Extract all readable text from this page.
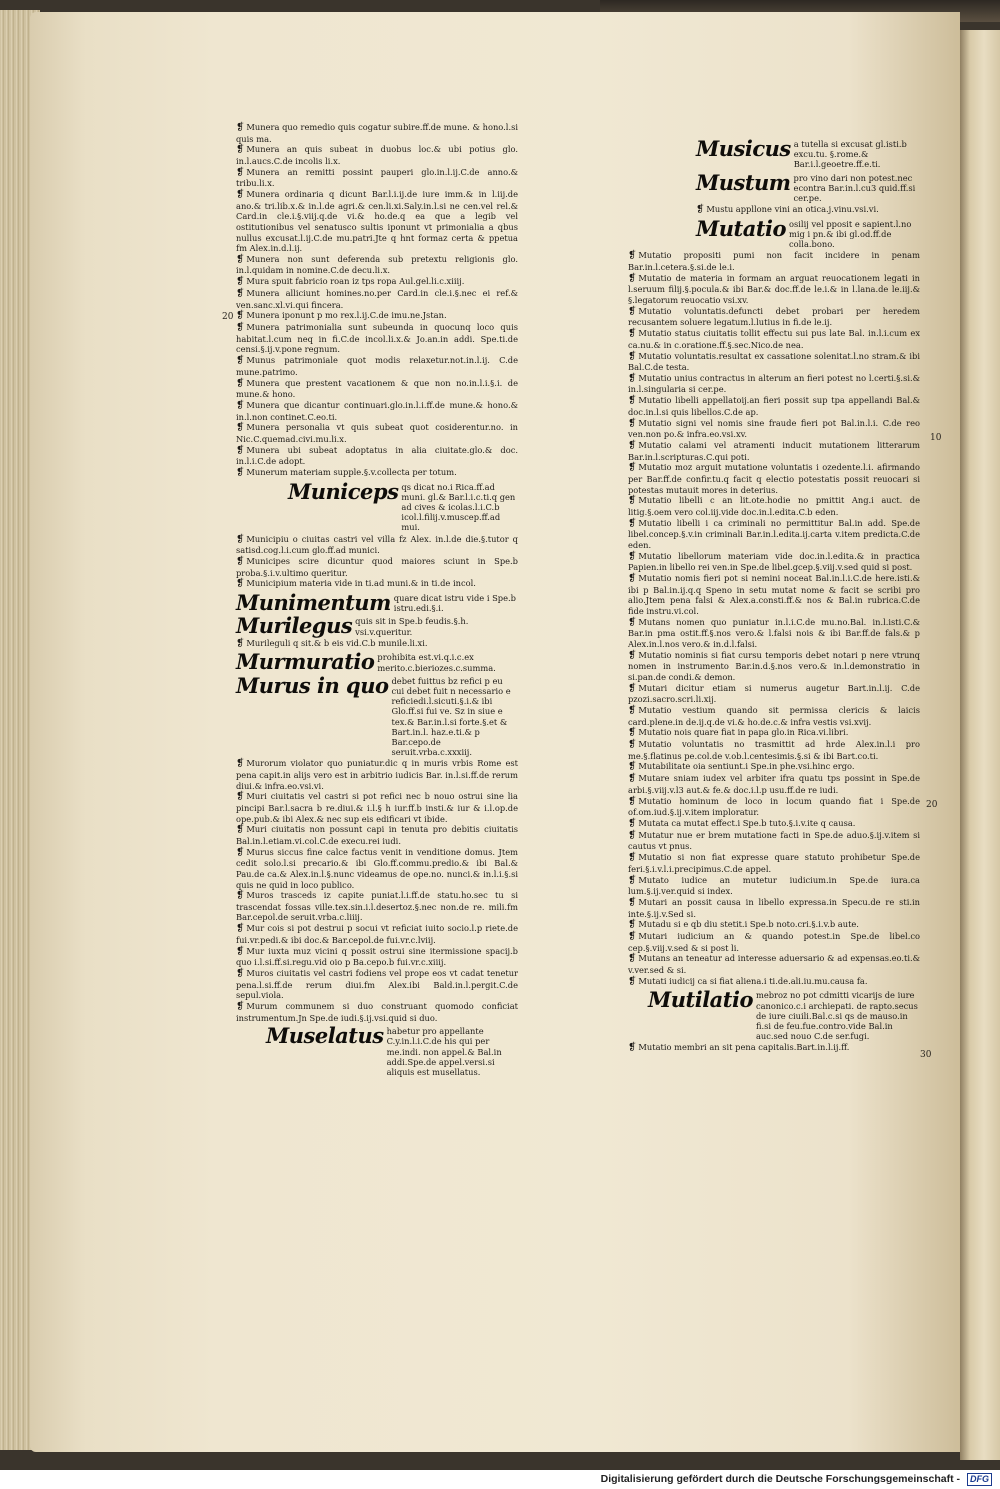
❡ Munera quo remedio quis cogatur subire.ff.de mune. & hono.l.si quis ma.
❡ Munera an quis subeat in duobus loc.& ubi potius glo. in.l.aucs.C.de incolis li.x.
❡ Munera an remitti possint pauperi glo.in.l.ij.C.de anno.& tribu.li.x.
❡ Munera ordinaria q dicunt Bar.l.i.ij.de iure imm.& in l.iij.de ano.& tri.lib.x.& in.l.de agri.& cen.li.xi.Saly.in.l.si ne cen.vel rel.& Card.in cle.i.§.viij.q.de vi.& ho.de.q ea que a legib vel ostitutionibus vel senatusco sultis iponunt vt primonialia a qbus nullus excusat.l.ij.C.de mu.patri.Jte q hnt formaz certa & ppetua fm Alex.in.d.l.ij.
❡ Munera non sunt deferenda sub pretextu religionis glo. in.l.quidam in nomine.C.de decu.li.x.
❡ Mura spuit fabricio roan iz tps ropa Aul.gel.li.c.xiiij.
❡ Munera alliciunt homines.no.per Card.in cle.i.§.nec ei ref.& ven.sanc.xl.vi.qui fincera.
❡ Munera iponunt p mo rex.l.ij.C.de imu.ne.Jstan.
❡ Munera patrimonialia sunt subeunda in quocunq loco quis habitat.l.cum neq in fi.C.de incol.li.x.& Jo.an.in addi. Spe.ti.de censi.§.ij.v.pone regnum.
❡ Munus patrimoniale quot modis relaxetur.not.in.l.ij. C.de mune.patrimo.
❡ Munera que prestent vacationem & que non no.in.l.i.§.i. de mune.& hono.
❡ Munera que dicantur continuari.glo.in.l.i.ff.de mune.& hono.& in.l.non continet.C.eo.ti.
❡ Munera personalia vt quis subeat quot cosiderentur.no. in Nic.C.quemad.civi.mu.li.x.
❡ Munera ubi subeat adoptatus in alia ciuitate.glo.& doc. in.l.i.C.de adopt.
❡ Munerum materiam supple.§.v.collecta per totum.
Municeps qs dicat no.i Rica.ff.ad muni. gl.& Bar.l.i.c.ti.q gen ad cives & icolas.l.i.C.b icol.l.filij.v.muscep.ff.ad mui.
❡ Municipiu o ciuitas castri vel villa fz Alex. in.l.de die.§.tutor q satisd.cog.l.i.cum glo.ff.ad munici.
❡ Municipes scire dicuntur quod maiores sciunt in Spe.b proba.§.i.v.ultimo queritur.
❡ Municipium materia vide in ti.ad muni.& in ti.de incol.
Munimentum quare dicat istru vide i Spe.b istru.edi.§.i.
Murilegus quis sit in Spe.b feudis.§.h. vsi.v.queritur.
❡ Murileguli q sit.& b eis vid.C.b munile.li.xi.
Murmuratio prohibita est.vi.q.i.c.ex merito.c.bieriozes.c.summa.
Murus in quo debet fuittus bz refici p eu cui debet fuit n necessario e reficiedi.l.sicuti.§.i.& ibi Glo.ff.si fui ve. Sz in siue e tex.& Bar.in.l.si forte.§.et & Bart.in.l. haz.e.ti.& p Bar.cepo.de seruit.vrba.c.xxxiij.
❡ Murorum violator quo puniatur.dic q in muris vrbis Rome est pena capit.in alijs vero est in arbitrio iudicis Bar. in.l.si.ff.de rerum diui.& infra.eo.vsi.vi.
❡ Muri ciuitatis vel castri si pot refici nec b nouo ostrui sine lia pincipi Bar.l.sacra b re.diui.& i.l.§ h iur.ff.b insti.& iur & i.l.op.de ope.pub.& ibi Alex.& nec sup eis edificari vt ibide.
❡ Muri ciuitatis non possunt capi in tenuta pro debitis ciuitatis Bal.in.l.etiam.vi.col.C.de execu.rei iudi.
❡ Murus siccus fine calce factus venit in venditione domus. Jtem cedit solo.l.si precario.& ibi Glo.ff.commu.predio.& ibi Bal.& Pau.de ca.& Alex.in.l.§.nunc videamus de ope.no. nunci.& in.l.i.§.si quis ne quid in loco publico.
❡ Muros trasceds iz capite puniat.l.i.ff.de statu.ho.sec tu si trascendat fossas ville.tex.sin.i.l.desertoz.§.nec non.de re. mili.fm Bar.cepol.de seruit.vrba.c.liiij.
❡ Mur cois si pot destrui p socui vt reficiat iuito socio.l.p riete.de fui.vr.pedi.& ibi doc.& Bar.cepol.de fui.vr.c.lviij.
❡ Mur iuxta muz vicini q possit ostrui sine itermissione spacij.b quo i.l.si.ff.si.regu.vid oio p Ba.cepo.b fui.vr.c.xiiij.
❡ Muros ciuitatis vel castri fodiens vel prope eos vt cadat tenetur pena.l.si.ff.de rerum diui.fm Alex.ibi Bald.in.l.pergit.C.de sepul.viola.
❡ Murum communem si duo construant quomodo conficiat instrumentum.Jn Spe.de iudi.§.ij.vsi.quid si duo.
Muselatus habetur pro appellante C.y.in.l.i.C.de his qui per me.indi. non appel.& Bal.in addi.Spe.de appel.versi.si aliquis est musellatus.
20
Musicus a tutella si excusat gl.isti.b excu.tu. §.rome.& Bar.i.l.geoetre.ff.e.ti.
Mustum pro vino dari non potest.nec econtra Bar.in.l.cu3 quid.ff.si cer.pe.
❡ Mustu appllone vini an otica.j.vinu.vsi.vi.
Mutatio osilij vel pposit e sapient.l.no mig i pn.& ibi gl.od.ff.de colla.bono.
❡ Mutatio propositi pumi non facit incidere in penam Bar.in.l.cetera.§.si.de le.i.
❡ Mutatio de materia in formam an arguat reuocationem legati in l.seruum filij.§.pocula.& ibi Bar.& doc.ff.de le.i.& in l.lana.de le.iij.& §.legatorum reuocatio vsi.xv.
❡ Mutatio voluntatis.defuncti debet probari per heredem recusantem soluere legatum.l.lutius in fi.de le.ij.
❡ Mutatio status ciuitatis tollit effectu sui pus late Bal. in.l.i.cum ex ca.nu.& in c.oratione.ff.§.sec.Nico.de nea.
❡ Mutatio voluntatis.resultat ex cassatione solenitat.l.no stram.& ibi Bal.C.de testa.
❡ Mutatio unius contractus in alterum an fieri potest no l.certi.§.si.& in.l.singularia si cer.pe.
❡ Mutatio libelli appellatoij.an fieri possit sup tpa appellandi Bal.& doc.in.l.si quis libellos.C.de ap.
❡ Mutatio signi vel nomis sine fraude fieri pot Bal.in.l.i. C.de reo ven.non po.& infra.eo.vsi.xv.
❡ Mutatio calami vel atramenti inducit mutationem litterarum Bar.in.l.scripturas.C.qui poti.
❡ Mutatio moz arguit mutatione voluntatis i ozedente.l.i. afirmando per Bar.ff.de confir.tu.q facit q electio potestatis possit reuocari si potestas mutauit mores in deterius.
❡ Mutatio libelli c an lit.ote.hodie no pmittit Ang.i auct. de litig.§.oem vero col.iij.vide doc.in.l.edita.C.b eden.
❡ Mutatio libelli i ca criminali no permittitur Bal.in add. Spe.de libel.concep.§.v.in criminali Bar.in.l.edita.ij.carta v.item predicta.C.de eden.
❡ Mutatio libellorum materiam vide doc.in.l.edita.& in practica Papien.in libello rei ven.in Spe.de libel.gcep.§.viij.v.sed quid si post.
❡ Mutatio nomis fieri pot si nemini noceat Bal.in.l.i.C.de here.isti.& ibi p Bal.in.ij.q.q Speno in setu mutat nome & facit se scribi pro alio.Jtem pena falsi & Alex.a.consti.ff.& nos & Bal.in rubrica.C.de fide instru.vi.col.
❡ Mutans nomen quo puniatur in.l.i.C.de mu.no.Bal. in.l.isti.C.& Bar.in pma ostit.ff.§.nos vero.& l.falsi nois & ibi Bar.ff.de fals.& p Alex.in.l.nos vero.& in.d.l.falsi.
❡ Mutatio nominis si fiat cursu temporis debet notari p nere vtrunq nomen in instrumento Bar.in.d.§.nos vero.& in.l.demonstratio in si.pan.de condi.& demon.
❡ Mutari dicitur etiam si numerus augetur Bart.in.l.ij. C.de pzozi.sacro.scri.li.xij.
❡ Mutatio vestium quando sit permissa clericis & laicis card.plene.in de.ij.q.de vi.& ho.de.c.& infra vestis vsi.xvij.
❡ Mutatio nois quare fiat in papa glo.in Rica.vi.libri.
❡ Mutatio voluntatis no trasmittit ad hrde Alex.in.l.i pro me.§.flatinus pe.col.de v.ob.l.centesimis.§.si & ibi Bart.co.ti.
❡ Mutabilitate oia sentiunt.i Spe.in phe.vsi.hinc ergo.
❡ Mutare sniam iudex vel arbiter ifra quatu tps possint in Spe.de arbi.§.viij.v.l3 aut.& fe.& doc.i.l.p usu.ff.de re iudi.
❡ Mutatio hominum de loco in locum quando fiat i Spe.de of.om.iud.§.ij.v.item imploratur.
❡ Mutata ca mutat effect.i Spe.b tuto.§.i.v.ite q causa.
❡ Mutatur nue er brem mutatione facti in Spe.de aduo.§.ij.v.item si cautus vt pnus.
❡ Mutatio si non fiat expresse quare statuto prohibetur Spe.de feri.§.i.v.l.i.precipimus.C.de appel.
❡ Mutato iudice an mutetur iudicium.in Spe.de iura.ca lum.§.ij.ver.quid si index.
❡ Mutari an possit causa in libello expressa.in Specu.de re sti.in inte.§.ij.v.Sed si.
❡ Mutadu si e qb diu stetit.i Spe.b noto.cri.§.i.v.b aute.
❡ Mutari iudicium an & quando potest.in Spe.de libel.co cep.§.viij.v.sed & si post li.
❡ Mutans an teneatur ad interesse aduersario & ad expensas.eo.ti.& v.ver.sed & si.
❡ Mutati iudicij ca si fiat aliena.i ti.de.ali.iu.mu.causa fa.
Mutilatio mebroz no pot cdmitti vicarijs de iure canonico.c.i archiepati. de rapto.secus de iure ciuili.Bal.c.si qs de mauso.in fi.si de feu.fue.contro.vide Bal.in auc.sed nouo C.de ser.fugi.
❡ Mutatio membri an sit pena capitalis.Bart.in.l.ij.ff.
10
20
30
Digitalisierung gefördert durch die Deutsche Forschungsgemeinschaft -	DFG
